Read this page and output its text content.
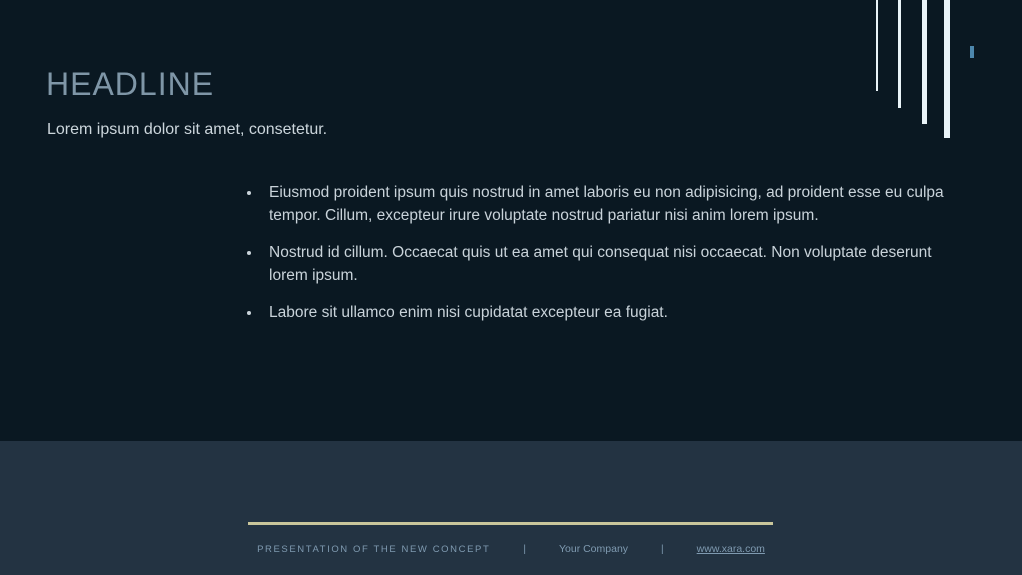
HEADLINE
Lorem ipsum dolor sit amet, consetetur.
• Eiusmod proident ipsum quis nostrud in amet laboris eu non adipisicing, ad proident esse eu culpa tempor. Cillum, excepteur irure voluptate nostrud pariatur nisi anim lorem ipsum.
• Nostrud id cillum. Occaecat quis ut ea amet qui consequat nisi occaecat. Non voluptate deserunt lorem ipsum.
• Labore sit ullamco enim nisi cupidatat excepteur ea fugiat.
PRESENTATION OF THE NEW CONCEPT	|	Your Company	|	www.xara.com
